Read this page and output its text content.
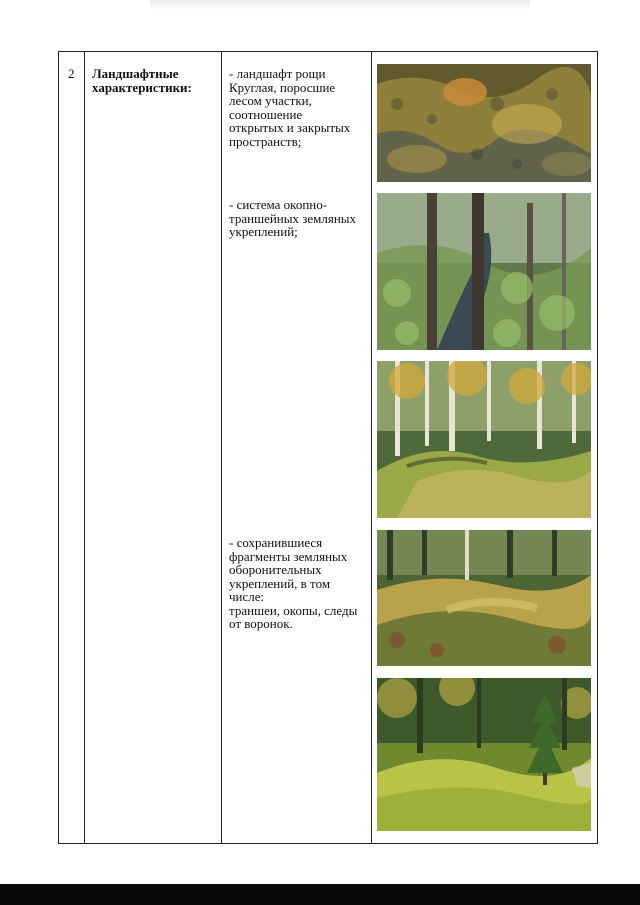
2 Ландшафтные характеристики:
- ландшафт рощи
Круглая, поросшие
лесом участки,
соотношение
открытых и закрытых
пространств;
- система окопно-
траншейных земляных
укреплений;
- сохранившиеся
фрагменты земляных
оборонительных
укреплений, в том числе:
траншеи, окопы, следы
от воронок.
